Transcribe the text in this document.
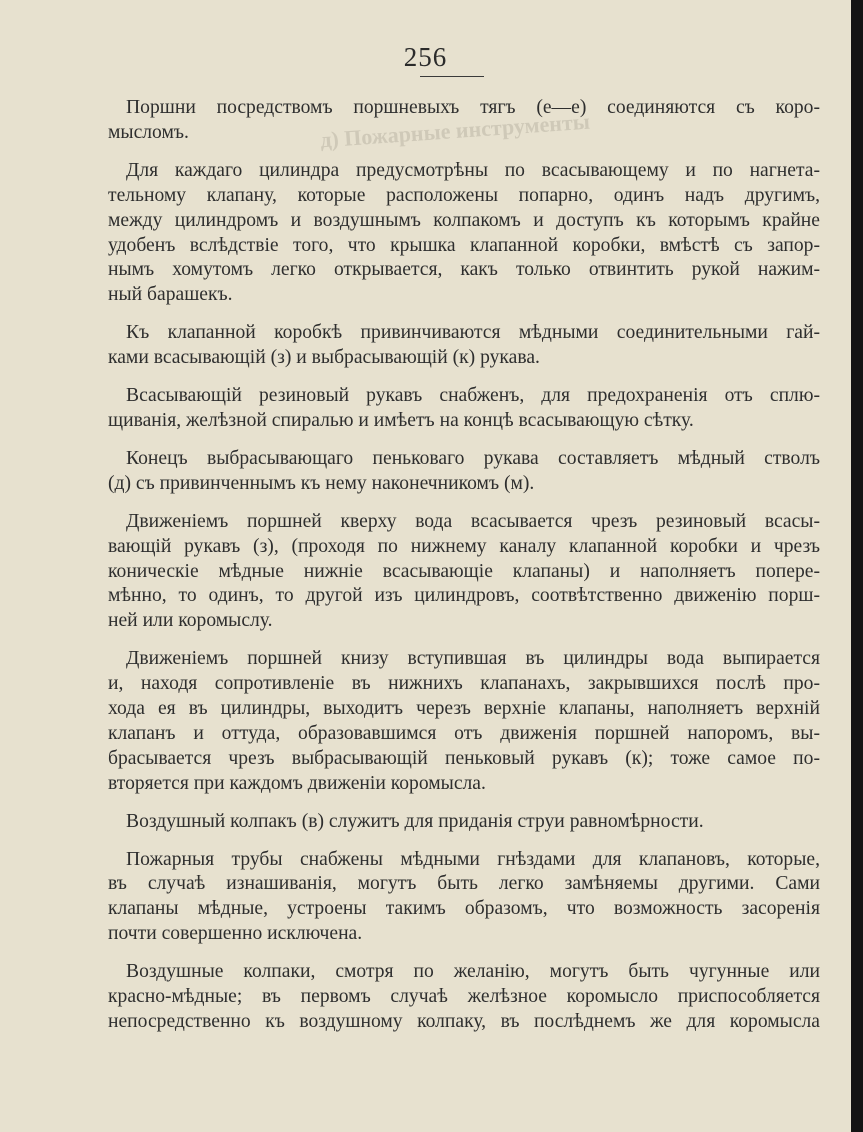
д) Пожарные инструменты
256

Поршни посредствомъ поршневыхъ тягъ (е—е) соединяются съ коро-
мысломъ.

Для каждаго цилиндра предусмотрѣны по всасывающему и по нагнета-
тельному клапану, которые расположены попарно, одинъ надъ другимъ,
между цилиндромъ и воздушнымъ колпакомъ и доступъ къ которымъ крайне
удобенъ вслѣдствіе того, что крышка клапанной коробки, вмѣстѣ съ запор-
нымъ хомутомъ легко открывается, какъ только отвинтить рукой нажим-
ный барашекъ.

Къ клапанной коробкѣ привинчиваются мѣдными соединительными гай-
ками всасывающій (з) и выбрасывающій (к) рукава.

Всасывающій резиновый рукавъ снабженъ, для предохраненія отъ сплю-
щиванія, желѣзной спиралью и имѣетъ на концѣ всасывающую сѣтку.

Конецъ выбрасывающаго пеньковаго рукава составляетъ мѣдный стволъ
(д) съ привинченнымъ къ нему наконечникомъ (м).

Движеніемъ поршней кверху вода всасывается чрезъ резиновый всасы-
вающій рукавъ (з), (проходя по нижнему каналу клапанной коробки и чрезъ
коническіе мѣдные нижніе всасывающіе клапаны) и наполняетъ попере-
мѣнно, то одинъ, то другой изъ цилиндровъ, соотвѣтственно движенію порш-
ней или коромыслу.

Движеніемъ поршней книзу вступившая въ цилиндры вода выпирается
и, находя сопротивленіе въ нижнихъ клапанахъ, закрывшихся послѣ про-
хода ея въ цилиндры, выходитъ черезъ верхніе клапаны, наполняетъ верхній
клапанъ и оттуда, образовавшимся отъ движенія поршней напоромъ, вы-
брасывается чрезъ выбрасывающій пеньковый рукавъ (к); тоже самое по-
вторяется при каждомъ движеніи коромысла.

Воздушный колпакъ (в) служитъ для приданія струи равномѣрности.

Пожарныя трубы снабжены мѣдными гнѣздами для клапановъ, которые,
въ случаѣ изнашиванія, могутъ быть легко замѣняемы другими. Сами
клапаны мѣдные, устроены такимъ образомъ, что возможность засоренія
почти совершенно исключена.

Воздушные колпаки, смотря по желанію, могутъ быть чугунные или
красно-мѣдные; въ первомъ случаѣ желѣзное коромысло приспособляется
непосредственно къ воздушному колпаку, въ послѣднемъ же для коромысла
